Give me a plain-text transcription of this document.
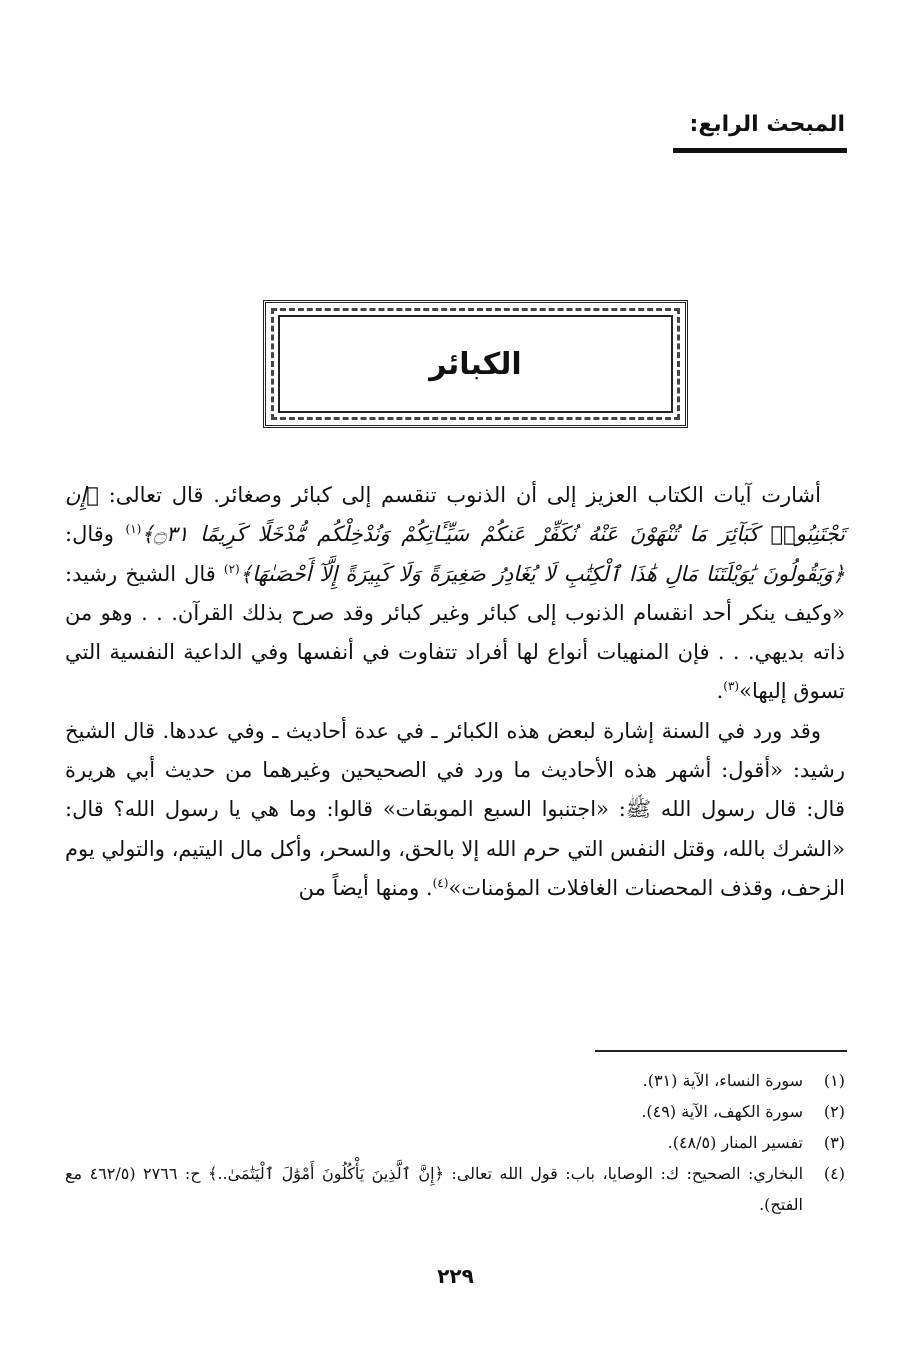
المبحث الرابع:
الكبائر

أشارت آيات الكتاب العزيز إلى أن الذنوب تنقسم إلى كبائر وصغائر. قال تعالى: ﴿إِن تَجْتَنِبُوا۟ كَبَآئِرَ مَا تُنْهَوْنَ عَنْهُ نُكَفِّرْ عَنكُمْ سَيِّـَٔاتِكُمْ وَنُدْخِلْكُم مُّدْخَلًا كَرِيمًا ۝٣١﴾$^{(١)}$ وقال: ﴿وَيَقُولُونَ يَٰوَيْلَتَنَا مَالِ هَٰذَا ٱلْكِتَٰبِ لَا يُغَادِرُ صَغِيرَةً وَلَا كَبِيرَةً إِلَّآ أَحْصَىٰهَا﴾$^{(٢)}$ قال الشيخ رشيد: «وكيف ينكر أحد انقسام الذنوب إلى كبائر وغير كبائر وقد صرح بذلك القرآن. . . وهو من ذاته بديهي. . . فإن المنهيات أنواع لها أفراد تتفاوت في أنفسها وفي الداعية النفسية التي تسوق إليها»$^{(٣)}$.

وقد ورد في السنة إشارة لبعض هذه الكبائر ـ في عدة أحاديث ـ وفي عددها. قال الشيخ رشيد: «أقول: أشهر هذه الأحاديث ما ورد في الصحيحين وغيرهما من حديث أبي هريرة قال: قال رسول الله ﷺ: «اجتنبوا السبع الموبقات» قالوا: وما هي يا رسول الله؟ قال: «الشرك بالله، وقتل النفس التي حرم الله إلا بالحق، والسحر، وأكل مال اليتيم، والتولي يوم الزحف، وقذف المحصنات الغافلات المؤمنات»$^{(٤)}$. ومنها أيضاً من

(١)
سورة النساء، الآية (٣١).
(٢)
سورة الكهف، الآية (٤٩).
(٣)
تفسير المنار (٤٨/٥).
(٤)
البخاري: الصحيح: ك: الوصايا، باب: قول الله تعالى: ﴿إِنَّ ٱلَّذِينَ يَأْكُلُونَ أَمْوَٰلَ ٱلْيَتَٰمَىٰ..﴾ ح: ٢٧٦٦ (٤٦٢/٥ مع الفتح).
٢٢٩
